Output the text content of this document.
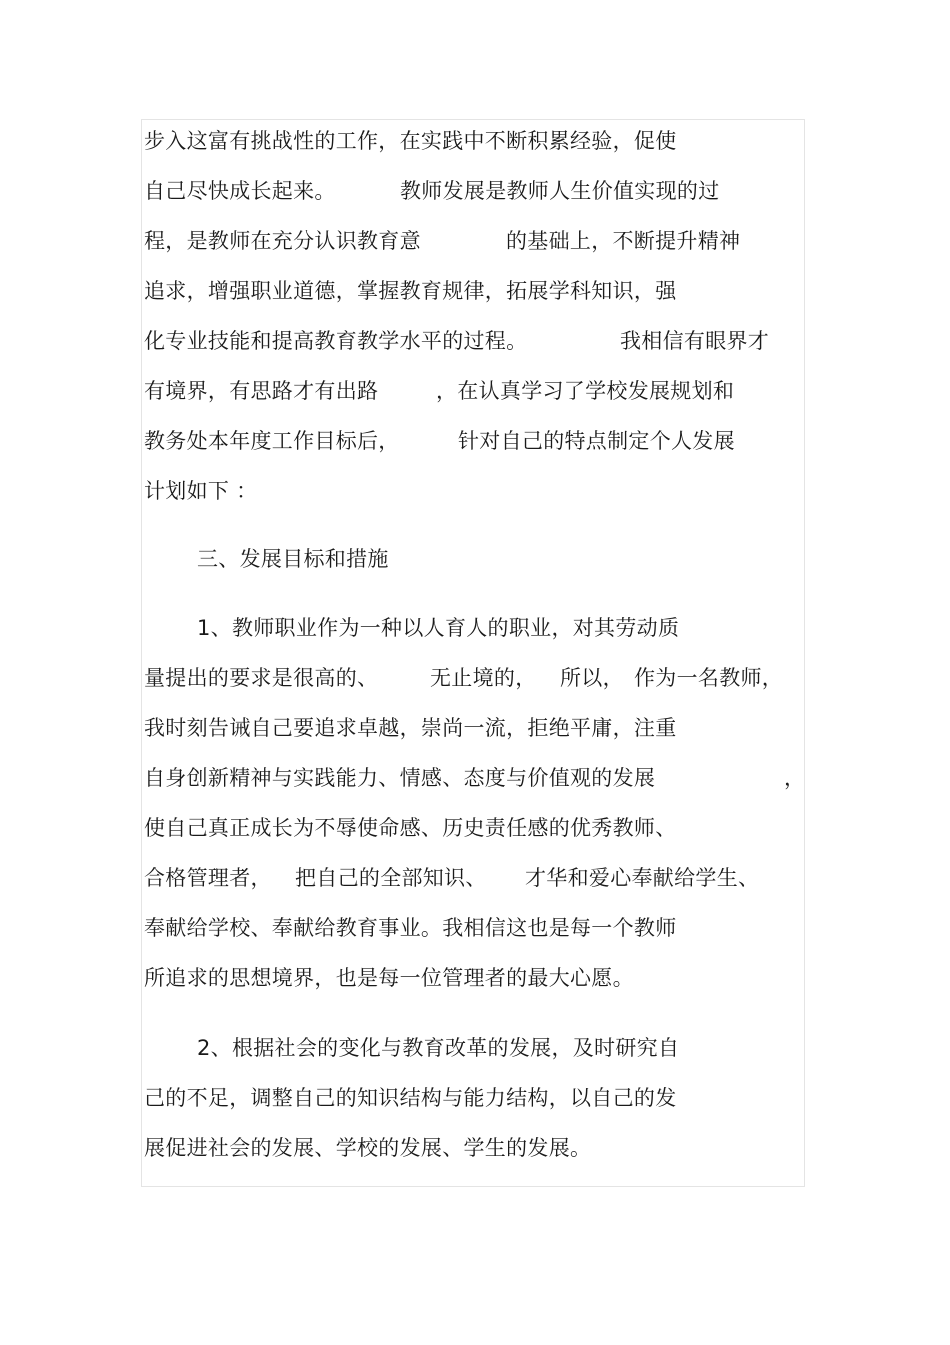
步入这富有挑战性的工作，在实践中不断积累经验，促使
自己尽快成长起来。	教师发展是教师人生价值实现的过
程，是教师在充分认识教育意	的基础上，不断提升精神
追求，增强职业道德，掌握教育规律，拓展学科知识，强
化专业技能和提高教育教学水平的过程。	我相信有眼界才
有境界，有思路才有出路	，在认真学习了学校发展规划和
教务处本年度工作目标后，	针对自己的特点制定个人发展
计划如下 ：
三、发展目标和措施
1、教师职业作为一种以人育人的职业，对其劳动质
量提出的要求是很高的、 无止境的， 所以， 作为一名教师，
我时刻告诫自己要追求卓越，崇尚一流，拒绝平庸，注重
自身创新精神与实践能力、情感、态度与价值观的发展	，
使自己真正成长为不辱使命感、历史责任感的优秀教师、
合格管理者， 把自己的全部知识、 才华和爱心奉献给学生、
奉献给学校、奉献给教育事业。我相信这也是每一个教师
所追求的思想境界，也是每一位管理者的最大心愿。
2、根据社会的变化与教育改革的发展，及时研究自
己的不足，调整自己的知识结构与能力结构，以自己的发
展促进社会的发展、学校的发展、学生的发展。
